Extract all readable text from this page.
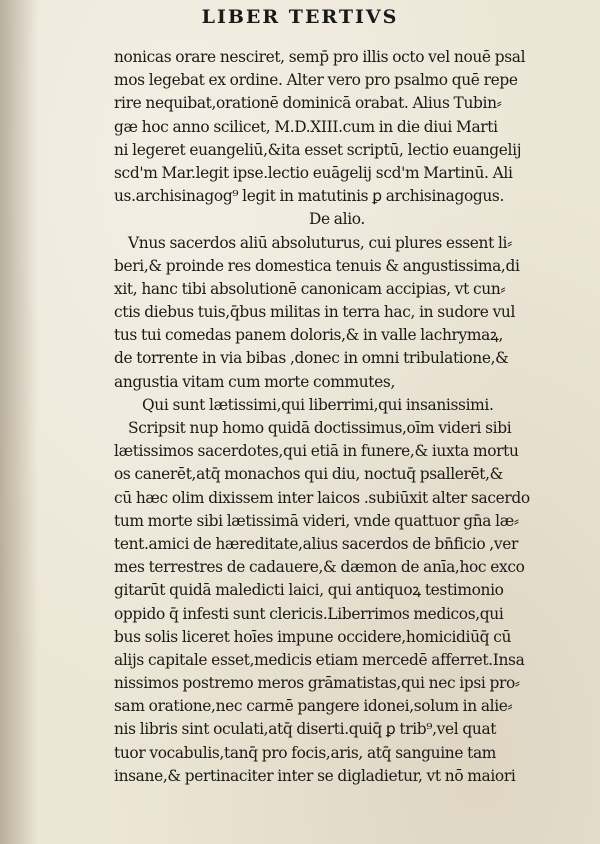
LIBER TERTIVS
nonicas orare nesciret, semp̄ pro illis octo vel nouē psal
mos legebat ex ordine. Alter vero pro psalmo quē repe
rire nequibat,orationē dominicā orabat. Alius Tubin⸗
gæ hoc anno scilicet, M.D.XIII.cum in die diui Marti
ni legeret euangeliū,&ita esset scriptū, lectio euangelij
scd'm Mar.legit ipse.lectio euāgelij scd'm Martinū. Ali
us.archisinagog⁹ legit in matutinis ꝑ archisinagogus.
De alio.
Vnus sacerdos aliū absoluturus, cui plures essent li⸗
beri,& proinde res domestica tenuis & angustissima,di
xit, hanc tibi absolutionē canonicam accipias, vt cun⸗
ctis diebus tuis,q̄bus militas in terra hac, in sudore vul
tus tui comedas panem doloris,& in valle lachrymaꝝ,
de torrente in via bibas ,donec in omni tribulatione,&
angustia vitam cum morte commutes,
Qui sunt lætissimi,qui liberrimi,qui insanissimi.
Scripsit nup homo quidā doctissimus,oīm videri sibi
lætissimos sacerdotes,qui etiā in funere,& iuxta mortu
os canerēt,atq̄ monachos qui diu, noctuq̄ psallerēt,&
cū hæc olim dixissem inter laicos .subiūxit alter sacerdo
tum morte sibi lætissimā videri, vnde quattuor gn̄a læ⸗
tent.amici de hæreditate,alius sacerdos de bn̄ficio ,ver
mes terrestres de cadauere,& dæmon de anīa,hoc exco
gitarūt quidā maledicti laici, qui antiquoꝝ testimonio
oppido q̄ infesti sunt clericis.Liberrimos medicos,qui
bus solis liceret hoīes impune occidere,homicidiūq̄ cū
alijs capitale esset,medicis etiam mercedē afferret.Insa
nissimos postremo meros grāmatistas,qui nec ipsi pro⸗
sam oratione,nec carmē pangere idonei,solum in alie⸗
nis libris sint oculati,atq̄ diserti.quiq̄ ꝑ trib⁹,vel quat
tuor vocabulis,tanq̄ pro focis,aris, atq̄ sanguine tam
insane,& pertinaciter inter se digladietur, vt nō maiori
